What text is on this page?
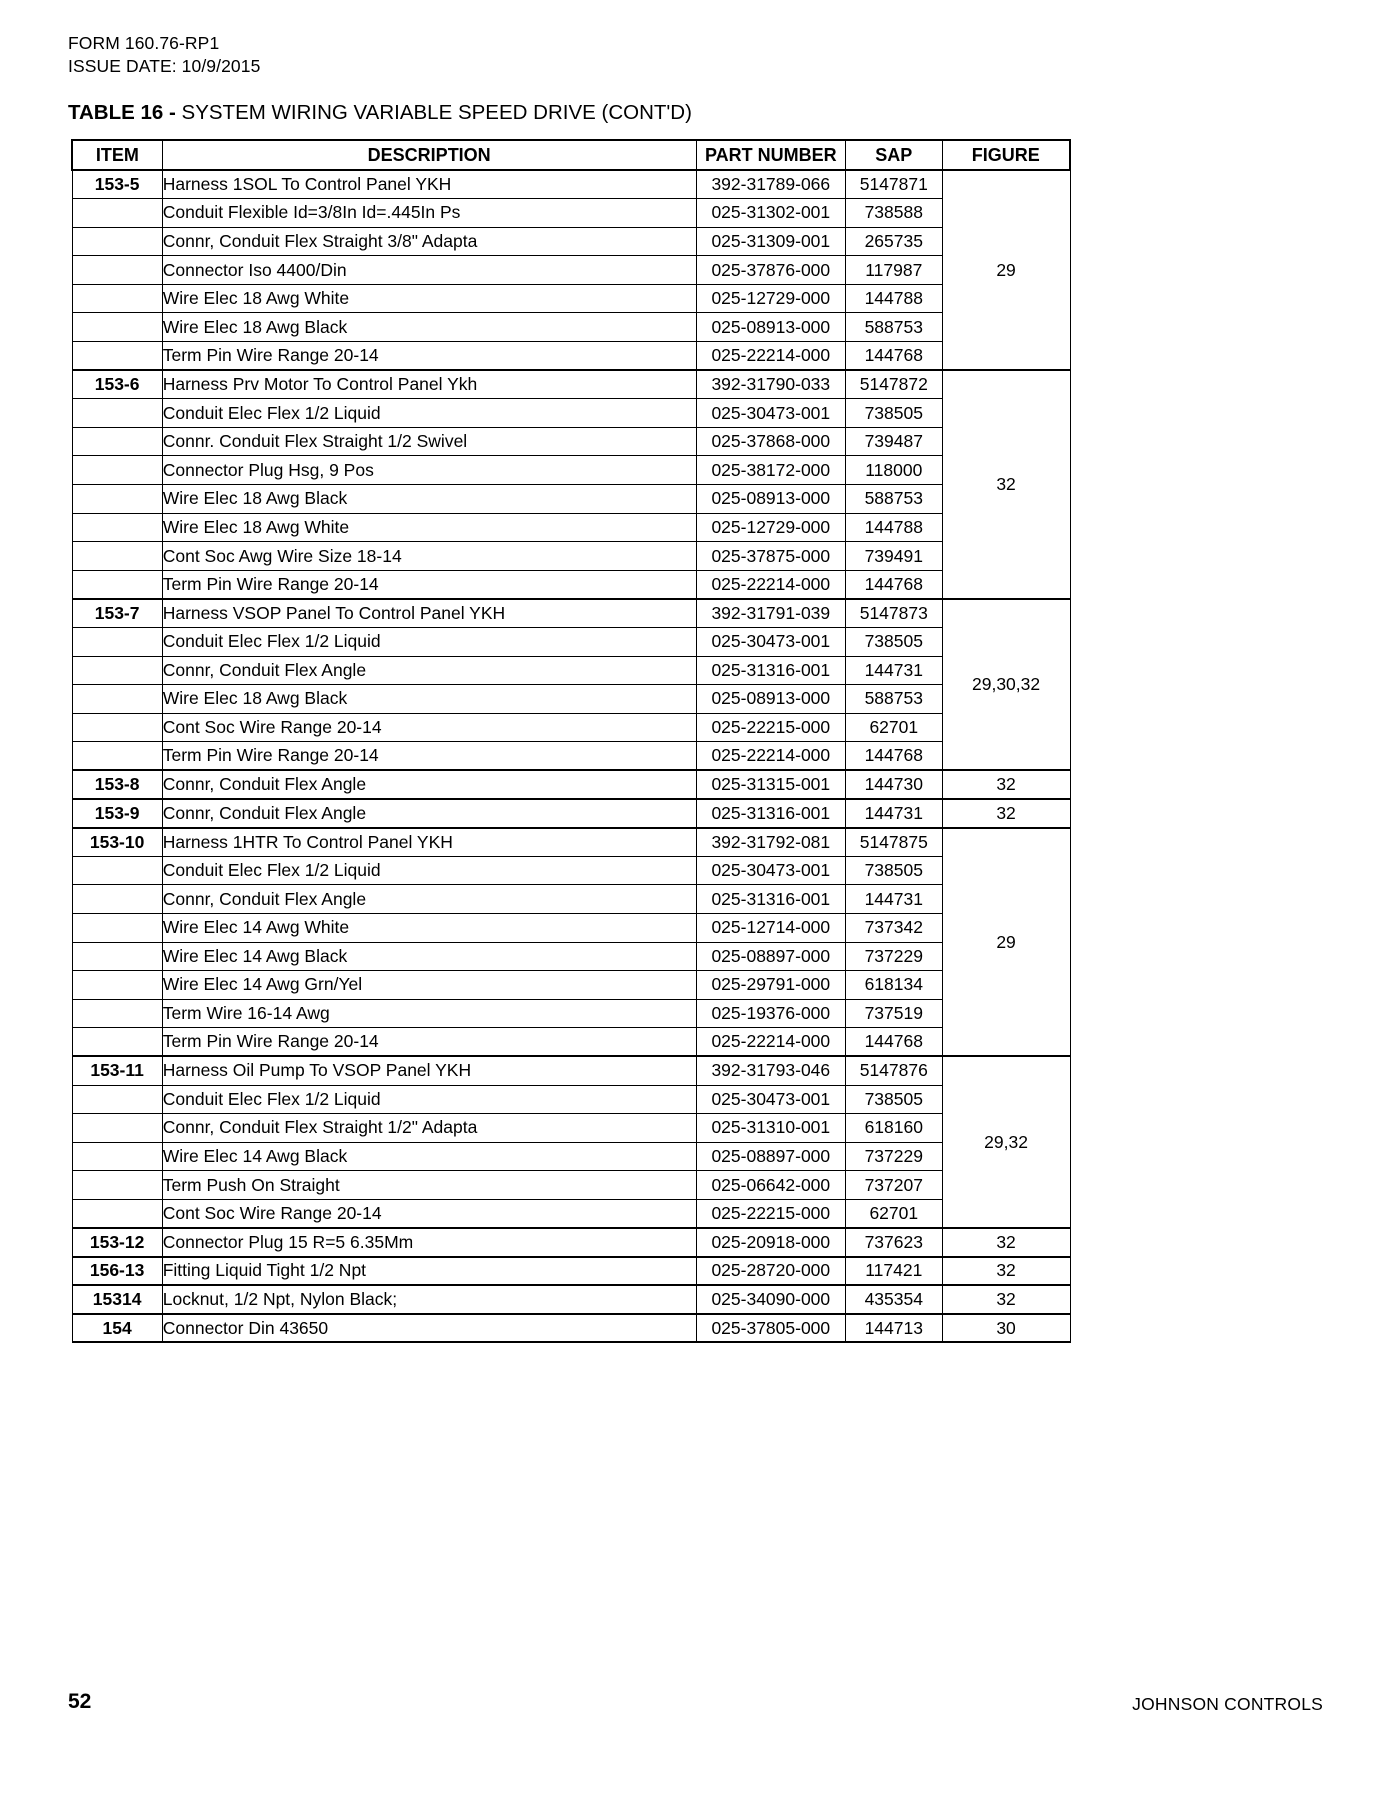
FORM 160.76-RP1
ISSUE DATE: 10/9/2015
TABLE 16 - SYSTEM WIRING VARIABLE SPEED DRIVE (CONT'D)
ITEM	DESCRIPTION	PART NUMBER	SAP	FIGURE
153-5	Harness 1SOL To Control Panel YKH	392-31789-066	5147871	29
	Conduit Flexible Id=3/8In Id=.445In Ps	025-31302-001	738588	
	Connr, Conduit Flex Straight 3/8" Adapta	025-31309-001	265735	
	Connector Iso 4400/Din	025-37876-000	117987	
	Wire Elec 18 Awg White	025-12729-000	144788	
	Wire Elec 18 Awg Black	025-08913-000	588753	
	Term Pin Wire Range 20-14	025-22214-000	144768	
153-6	Harness Prv Motor To Control Panel Ykh	392-31790-033	5147872	32
	Conduit Elec Flex 1/2 Liquid	025-30473-001	738505	
	Connr. Conduit Flex Straight 1/2 Swivel	025-37868-000	739487	
	Connector Plug Hsg, 9 Pos	025-38172-000	118000	
	Wire Elec 18 Awg Black	025-08913-000	588753	
	Wire Elec 18 Awg White	025-12729-000	144788	
	Cont Soc Awg Wire Size 18-14	025-37875-000	739491	
	Term Pin Wire Range 20-14	025-22214-000	144768	
153-7	Harness VSOP Panel To Control Panel YKH	392-31791-039	5147873	29,30,32
	Conduit Elec Flex 1/2 Liquid	025-30473-001	738505	
	Connr, Conduit Flex Angle	025-31316-001	144731	
	Wire Elec 18 Awg Black	025-08913-000	588753	
	Cont Soc Wire Range 20-14	025-22215-000	62701	
	Term Pin Wire Range 20-14	025-22214-000	144768	
153-8	Connr, Conduit Flex Angle	025-31315-001	144730	32
153-9	Connr, Conduit Flex Angle	025-31316-001	144731	32
153-10	Harness 1HTR To Control Panel YKH	392-31792-081	5147875	29
	Conduit Elec Flex 1/2 Liquid	025-30473-001	738505	
	Connr, Conduit Flex Angle	025-31316-001	144731	
	Wire Elec 14 Awg White	025-12714-000	737342	
	Wire Elec 14 Awg Black	025-08897-000	737229	
	Wire Elec 14 Awg Grn/Yel	025-29791-000	618134	
	Term Wire 16-14 Awg	025-19376-000	737519	
	Term Pin Wire Range 20-14	025-22214-000	144768	
153-11	Harness Oil Pump To VSOP Panel YKH	392-31793-046	5147876	29,32
	Conduit Elec Flex 1/2 Liquid	025-30473-001	738505	
	Connr, Conduit Flex Straight 1/2" Adapta	025-31310-001	618160	
	Wire Elec 14 Awg Black	025-08897-000	737229	
	Term Push On Straight	025-06642-000	737207	
	Cont Soc Wire Range 20-14	025-22215-000	62701	
153-12	Connector Plug 15 R=5 6.35Mm	025-20918-000	737623	32
156-13	Fitting Liquid Tight 1/2 Npt	025-28720-000	117421	32
15314	Locknut, 1/2 Npt, Nylon Black;	025-34090-000	435354	32
154	Connector Din 43650	025-37805-000	144713	30
52	JOHNSON CONTROLS
